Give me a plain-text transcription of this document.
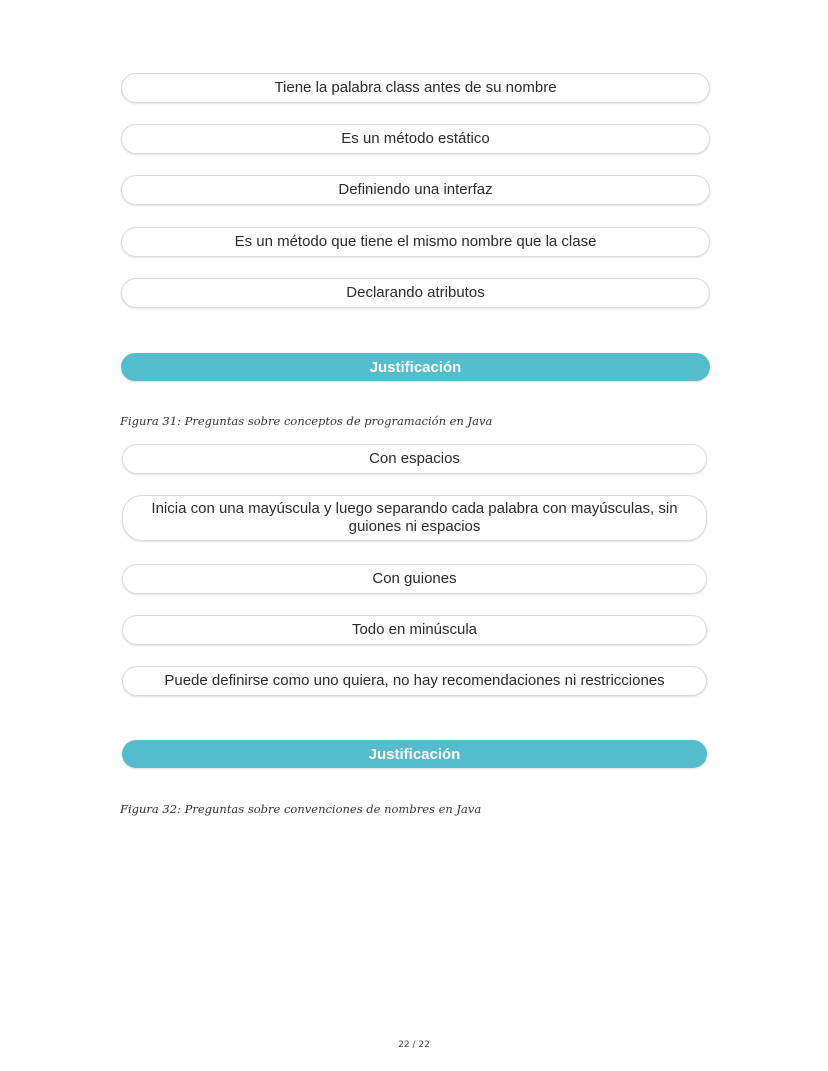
Tiene la palabra class antes de su nombre
Es un método estático
Definiendo una interfaz
Es un método que tiene el mismo nombre que la clase
Declarando atributos
Justificación
Figura 31: Preguntas sobre conceptos de programación en Java
Con espacios
Inicia con una mayúscula y luego separando cada palabra con mayúsculas, sin guiones ni espacios
Con guiones
Todo en minúscula
Puede definirse como uno quiera, no hay recomendaciones ni restricciones
Justificación
Figura 32: Preguntas sobre convenciones de nombres en Java
22 / 22
